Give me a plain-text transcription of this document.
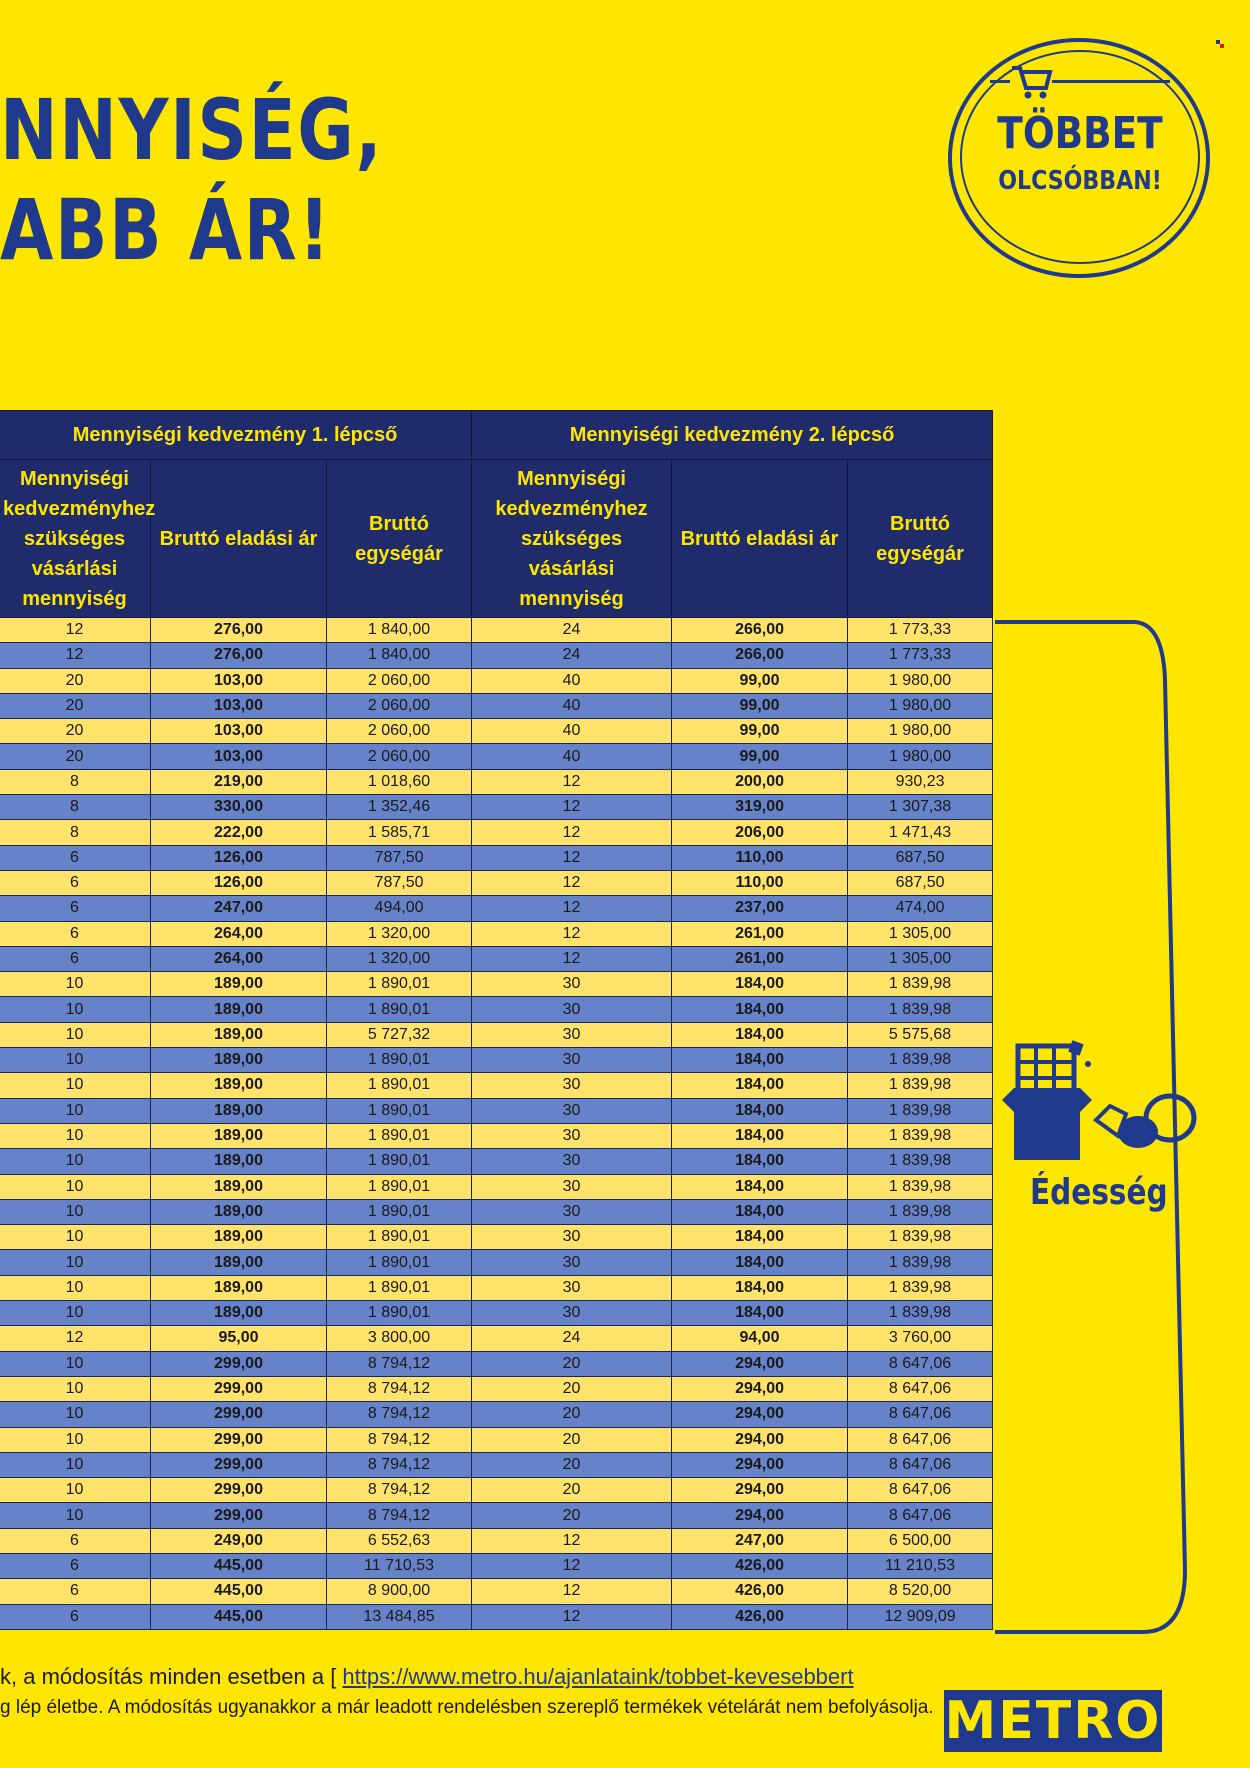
NNYISÉG,
ABB ÁR!
TÖBBET
OLCSÓBBAN!
Mennyiségi kedvezmény 1. lépcső			Mennyiségi kedvezmény 2. lépcső		
Mennyiségi kedvezményhez szükséges vásárlási mennyiség	Bruttó eladási ár	Bruttó egységár	Mennyiségi kedvezményhez szükséges vásárlási mennyiség	Bruttó eladási ár	Bruttó egységár
12	276,00	1 840,00	24	266,00	1 773,33
12	276,00	1 840,00	24	266,00	1 773,33
20	103,00	2 060,00	40	99,00	1 980,00
20	103,00	2 060,00	40	99,00	1 980,00
20	103,00	2 060,00	40	99,00	1 980,00
20	103,00	2 060,00	40	99,00	1 980,00
8	219,00	1 018,60	12	200,00	930,23
8	330,00	1 352,46	12	319,00	1 307,38
8	222,00	1 585,71	12	206,00	1 471,43
6	126,00	787,50	12	110,00	687,50
6	126,00	787,50	12	110,00	687,50
6	247,00	494,00	12	237,00	474,00
6	264,00	1 320,00	12	261,00	1 305,00
6	264,00	1 320,00	12	261,00	1 305,00
10	189,00	1 890,01	30	184,00	1 839,98
10	189,00	1 890,01	30	184,00	1 839,98
10	189,00	5 727,32	30	184,00	5 575,68
10	189,00	1 890,01	30	184,00	1 839,98
10	189,00	1 890,01	30	184,00	1 839,98
10	189,00	1 890,01	30	184,00	1 839,98
10	189,00	1 890,01	30	184,00	1 839,98
10	189,00	1 890,01	30	184,00	1 839,98
10	189,00	1 890,01	30	184,00	1 839,98
10	189,00	1 890,01	30	184,00	1 839,98
10	189,00	1 890,01	30	184,00	1 839,98
10	189,00	1 890,01	30	184,00	1 839,98
10	189,00	1 890,01	30	184,00	1 839,98
10	189,00	1 890,01	30	184,00	1 839,98
12	95,00	3 800,00	24	94,00	3 760,00
10	299,00	8 794,12	20	294,00	8 647,06
10	299,00	8 794,12	20	294,00	8 647,06
10	299,00	8 794,12	20	294,00	8 647,06
10	299,00	8 794,12	20	294,00	8 647,06
10	299,00	8 794,12	20	294,00	8 647,06
10	299,00	8 794,12	20	294,00	8 647,06
10	299,00	8 794,12	20	294,00	8 647,06
6	249,00	6 552,63	12	247,00	6 500,00
6	445,00	11 710,53	12	426,00	11 210,53
6	445,00	8 900,00	12	426,00	8 520,00
6	445,00	13 484,85	12	426,00	12 909,09
Édesség
k, a módosítás minden esetben a [ https://www.metro.hu/ajanlataink/tobbet-kevesebbert
g lép életbe. A módosítás ugyanakkor a már leadott rendelésben szereplő termékek vételárát nem befolyásolja. METRO
